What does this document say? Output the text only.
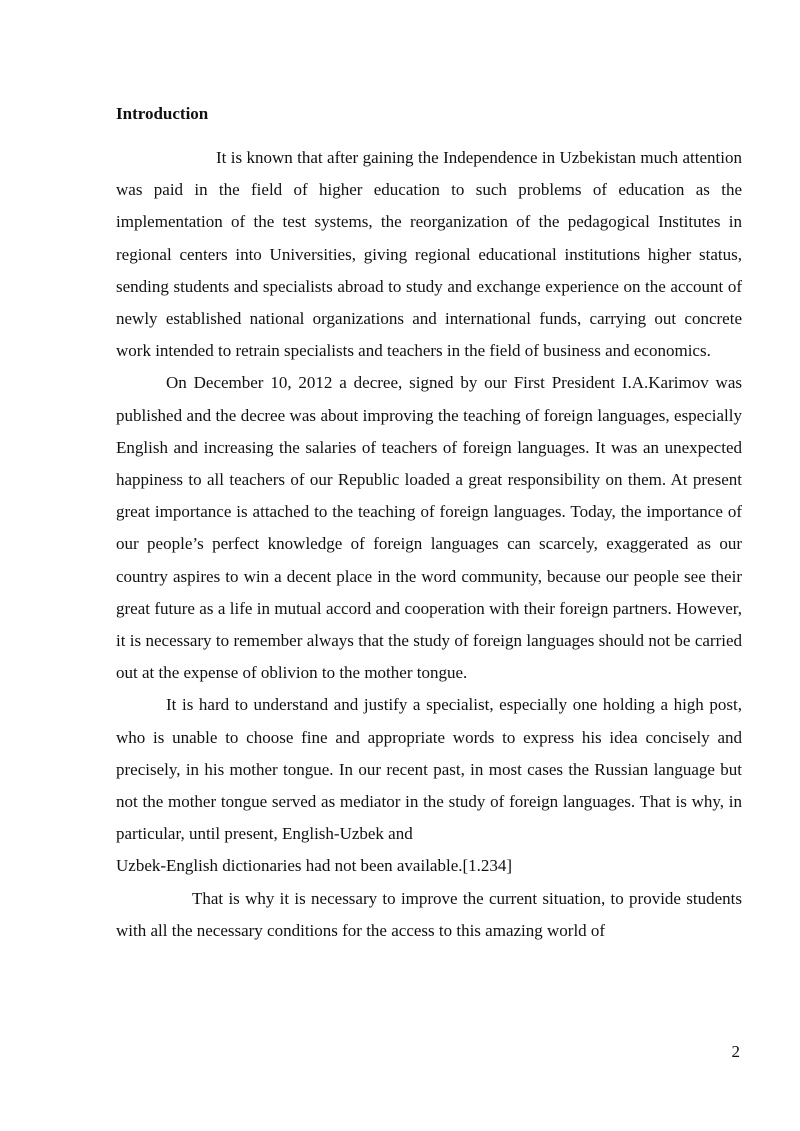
Introduction

It is known that after gaining the Independence in Uzbekistan much attention was paid in the field of higher education to such problems of education as the implementation of the test systems, the reorganization of the pedagogical Institutes in regional centers into Universities, giving regional educational institutions higher status, sending students and specialists abroad to study and exchange experience on the account of newly established national organizations and international funds, carrying out concrete work intended to retrain specialists and teachers in the field of business and economics.

On December 10, 2012 a decree, signed by our First President I.A.Karimov was published and the decree was about improving the teaching of foreign languages, especially English and increasing the salaries of teachers of foreign languages. It was an unexpected happiness to all teachers of our Republic loaded a great responsibility on them. At present great importance is attached to the teaching of foreign languages. Today, the importance of our people’s perfect knowledge of foreign languages can scarcely, exaggerated as our country aspires to win a decent place in the word community, because our people see their great future as a life in mutual accord and cooperation with their foreign partners. However, it is necessary to remember always that the study of foreign languages should not be carried out at the expense of oblivion to the mother tongue.

It is hard to understand and justify a specialist, especially one holding a high post, who is unable to choose fine and appropriate words to express his idea concisely and precisely, in his mother tongue. In our recent past, in most cases the Russian language but not the mother tongue served as mediator in the study of foreign languages. That is why, in particular, until present, English-Uzbek and

Uzbek-English dictionaries had not been available.[1.234]

That is why it is necessary to improve the current situation, to provide students with all the necessary conditions for the access to this amazing world of

2
